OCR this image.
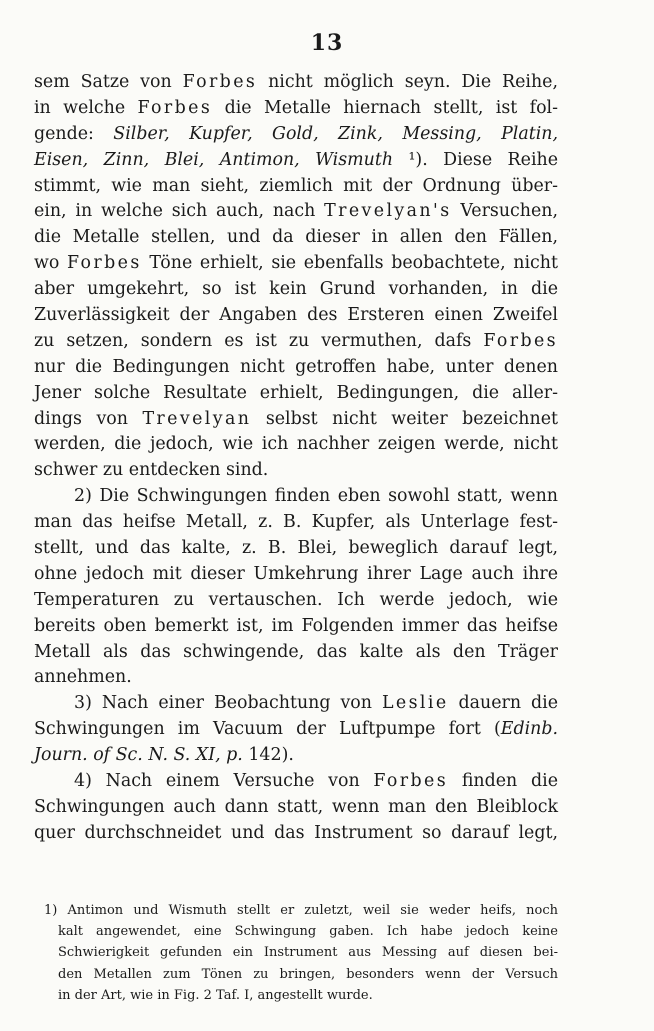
13
sem Satze von Forbes nicht möglich seyn. Die Reihe,
in welche Forbes die Metalle hiernach stellt, ist fol-
gende: Silber, Kupfer, Gold, Zink, Messing, Platin,
Eisen, Zinn, Blei, Antimon, Wismuth ¹). Diese Reihe
stimmt, wie man sieht, ziemlich mit der Ordnung über-
ein, in welche sich auch, nach Trevelyan's Versuchen,
die Metalle stellen, und da dieser in allen den Fällen,
wo Forbes Töne erhielt, sie ebenfalls beobachtete, nicht
aber umgekehrt, so ist kein Grund vorhanden, in die
Zuverlässigkeit der Angaben des Ersteren einen Zweifel
zu setzen, sondern es ist zu vermuthen, dafs Forbes
nur die Bedingungen nicht getroffen habe, unter denen
Jener solche Resultate erhielt, Bedingungen, die aller-
dings von Trevelyan selbst nicht weiter bezeichnet
werden, die jedoch, wie ich nachher zeigen werde, nicht
schwer zu entdecken sind.
2) Die Schwingungen finden eben sowohl statt, wenn
man das heifse Metall, z. B. Kupfer, als Unterlage fest-
stellt, und das kalte, z. B. Blei, beweglich darauf legt,
ohne jedoch mit dieser Umkehrung ihrer Lage auch ihre
Temperaturen zu vertauschen. Ich werde jedoch, wie
bereits oben bemerkt ist, im Folgenden immer das heifse
Metall als das schwingende, das kalte als den Träger
annehmen.
3) Nach einer Beobachtung von Leslie dauern die
Schwingungen im Vacuum der Luftpumpe fort (Edinb.
Journ. of Sc. N. S. XI, p. 142).
4) Nach einem Versuche von Forbes finden die
Schwingungen auch dann statt, wenn man den Bleiblock
quer durchschneidet und das Instrument so darauf legt,
1) Antimon und Wismuth stellt er zuletzt, weil sie weder heifs, noch
kalt angewendet, eine Schwingung gaben. Ich habe jedoch keine
Schwierigkeit gefunden ein Instrument aus Messing auf diesen bei-
den Metallen zum Tönen zu bringen, besonders wenn der Versuch
in der Art, wie in Fig. 2 Taf. I, angestellt wurde.
